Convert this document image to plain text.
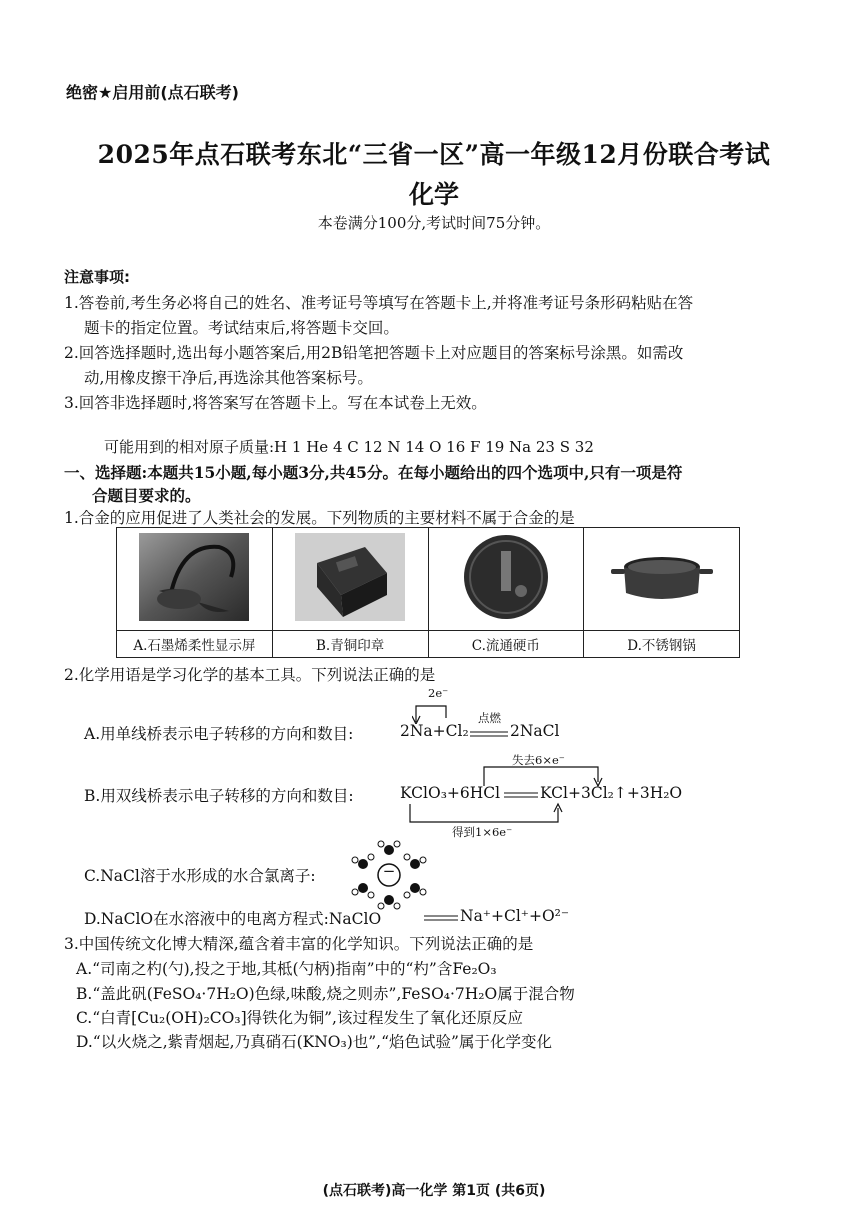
绝密★启用前(点石联考)
2025年点石联考东北“三省一区”高一年级12月份联合考试
化学
本卷满分100分,考试时间75分钟。
注意事项:
1.答卷前,考生务必将自己的姓名、准考证号等填写在答题卡上,并将准考证号条形码粘贴在答
题卡的指定位置。考试结束后,将答题卡交回。
2.回答选择题时,选出每小题答案后,用2B铅笔把答题卡上对应题目的答案标号涂黑。如需改
动,用橡皮擦干净后,再选涂其他答案标号。
3.回答非选择题时,将答案写在答题卡上。写在本试卷上无效。
可能用到的相对原子质量:H 1 He 4 C 12 N 14 O 16 F 19 Na 23 S 32
一、选择题:本题共15小题,每小题3分,共45分。在每小题给出的四个选项中,只有一项是符
合题目要求的。
1.合金的应用促进了人类社会的发展。下列物质的主要材料不属于合金的是

A.石墨烯柔性显示屏	B.青铜印章	C.流通硬币	D.不锈钢锅
2.化学用语是学习化学的基本工具。下列说法正确的是
2e⁻
A.用单线桥表示电子转移的方向和数目:	2Na+Cl₂
点燃
2NaCl
失去6×e⁻
B.用双线桥表示电子转移的方向和数目:	KClO₃+6HCl	KCl+3Cl₂↑+3H₂O
得到1×6e⁻
C.NaCl溶于水形成的水合氯离子:	−
D.NaClO在水溶液中的电离方程式:NaClO	Na⁺+Cl⁺+O²⁻
3.中国传统文化博大精深,蕴含着丰富的化学知识。下列说法正确的是
A.“司南之杓(勺),投之于地,其柢(勺柄)指南”中的“杓”含Fe₂O₃
B.“盖此矾(FeSO₄·7H₂O)色绿,味酸,烧之则赤”,FeSO₄·7H₂O属于混合物
C.“白青[Cu₂(OH)₂CO₃]得铁化为铜”,该过程发生了氧化还原反应
D.“以火烧之,紫青烟起,乃真硝石(KNO₃)也”,“焰色试验”属于化学变化
(点石联考)高一化学 第1页 (共6页)
